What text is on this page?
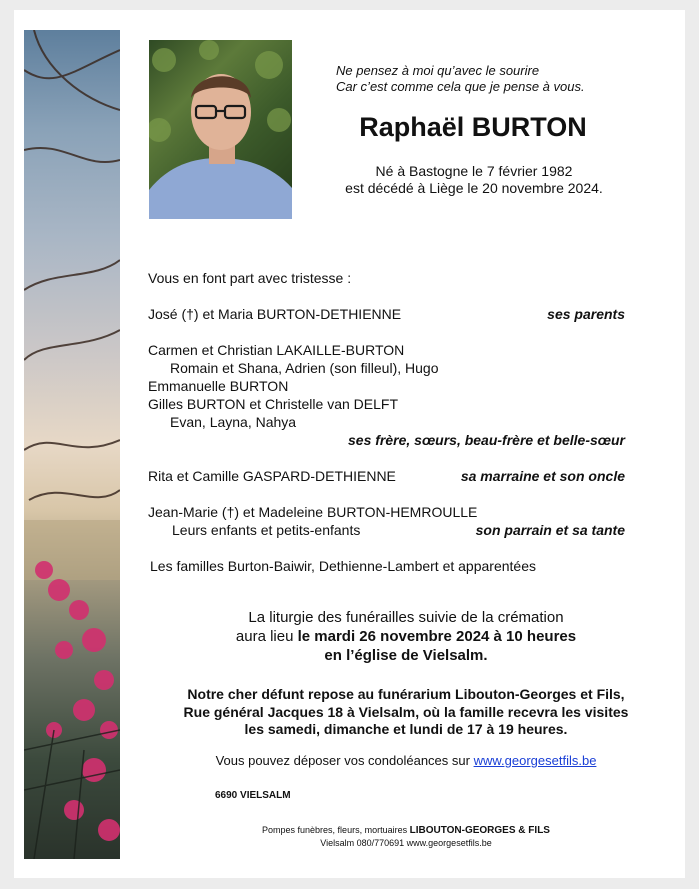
Ne pensez à moi qu’avec le sourire

Car c’est comme cela que je pense à vous.

Raphaël BURTON

Né à Bastogne le 7 février 1982

est décédé à Liège le 20 novembre 2024.

Vous en font part avec tristesse :

José (†) et Maria BURTON-DETHIENNE	ses parents

Carmen et Christian LAKAILLE-BURTON

Romain et Shana, Adrien (son filleul), Hugo

Emmanuelle BURTON

Gilles BURTON et Christelle van DELFT

Evan, Layna, Nahya

ses frère, sœurs, beau-frère et belle-sœur

Rita et Camille GASPARD-DETHIENNE	sa marraine et son oncle

Jean-Marie (†) et Madeleine BURTON-HEMROULLE

Leurs enfants et petits-enfants	son parrain et sa tante

Les familles Burton-Baiwir, Dethienne-Lambert et apparentées

La liturgie des funérailles suivie de la crémation

aura lieu le mardi 26 novembre 2024 à 10 heures

en l’église de Vielsalm.

Notre cher défunt repose au funérarium Libouton-Georges et Fils,

Rue général Jacques 18 à Vielsalm, où la famille recevra les visites

les samedi, dimanche et lundi de 17 à 19 heures.

Vous pouvez déposer vos condoléances sur www.georgesetfils.be

6690 VIELSALM

Pompes funèbres, fleurs, mortuaires LIBOUTON-GEORGES & FILS

Vielsalm 080/770691 www.georgesetfils.be
